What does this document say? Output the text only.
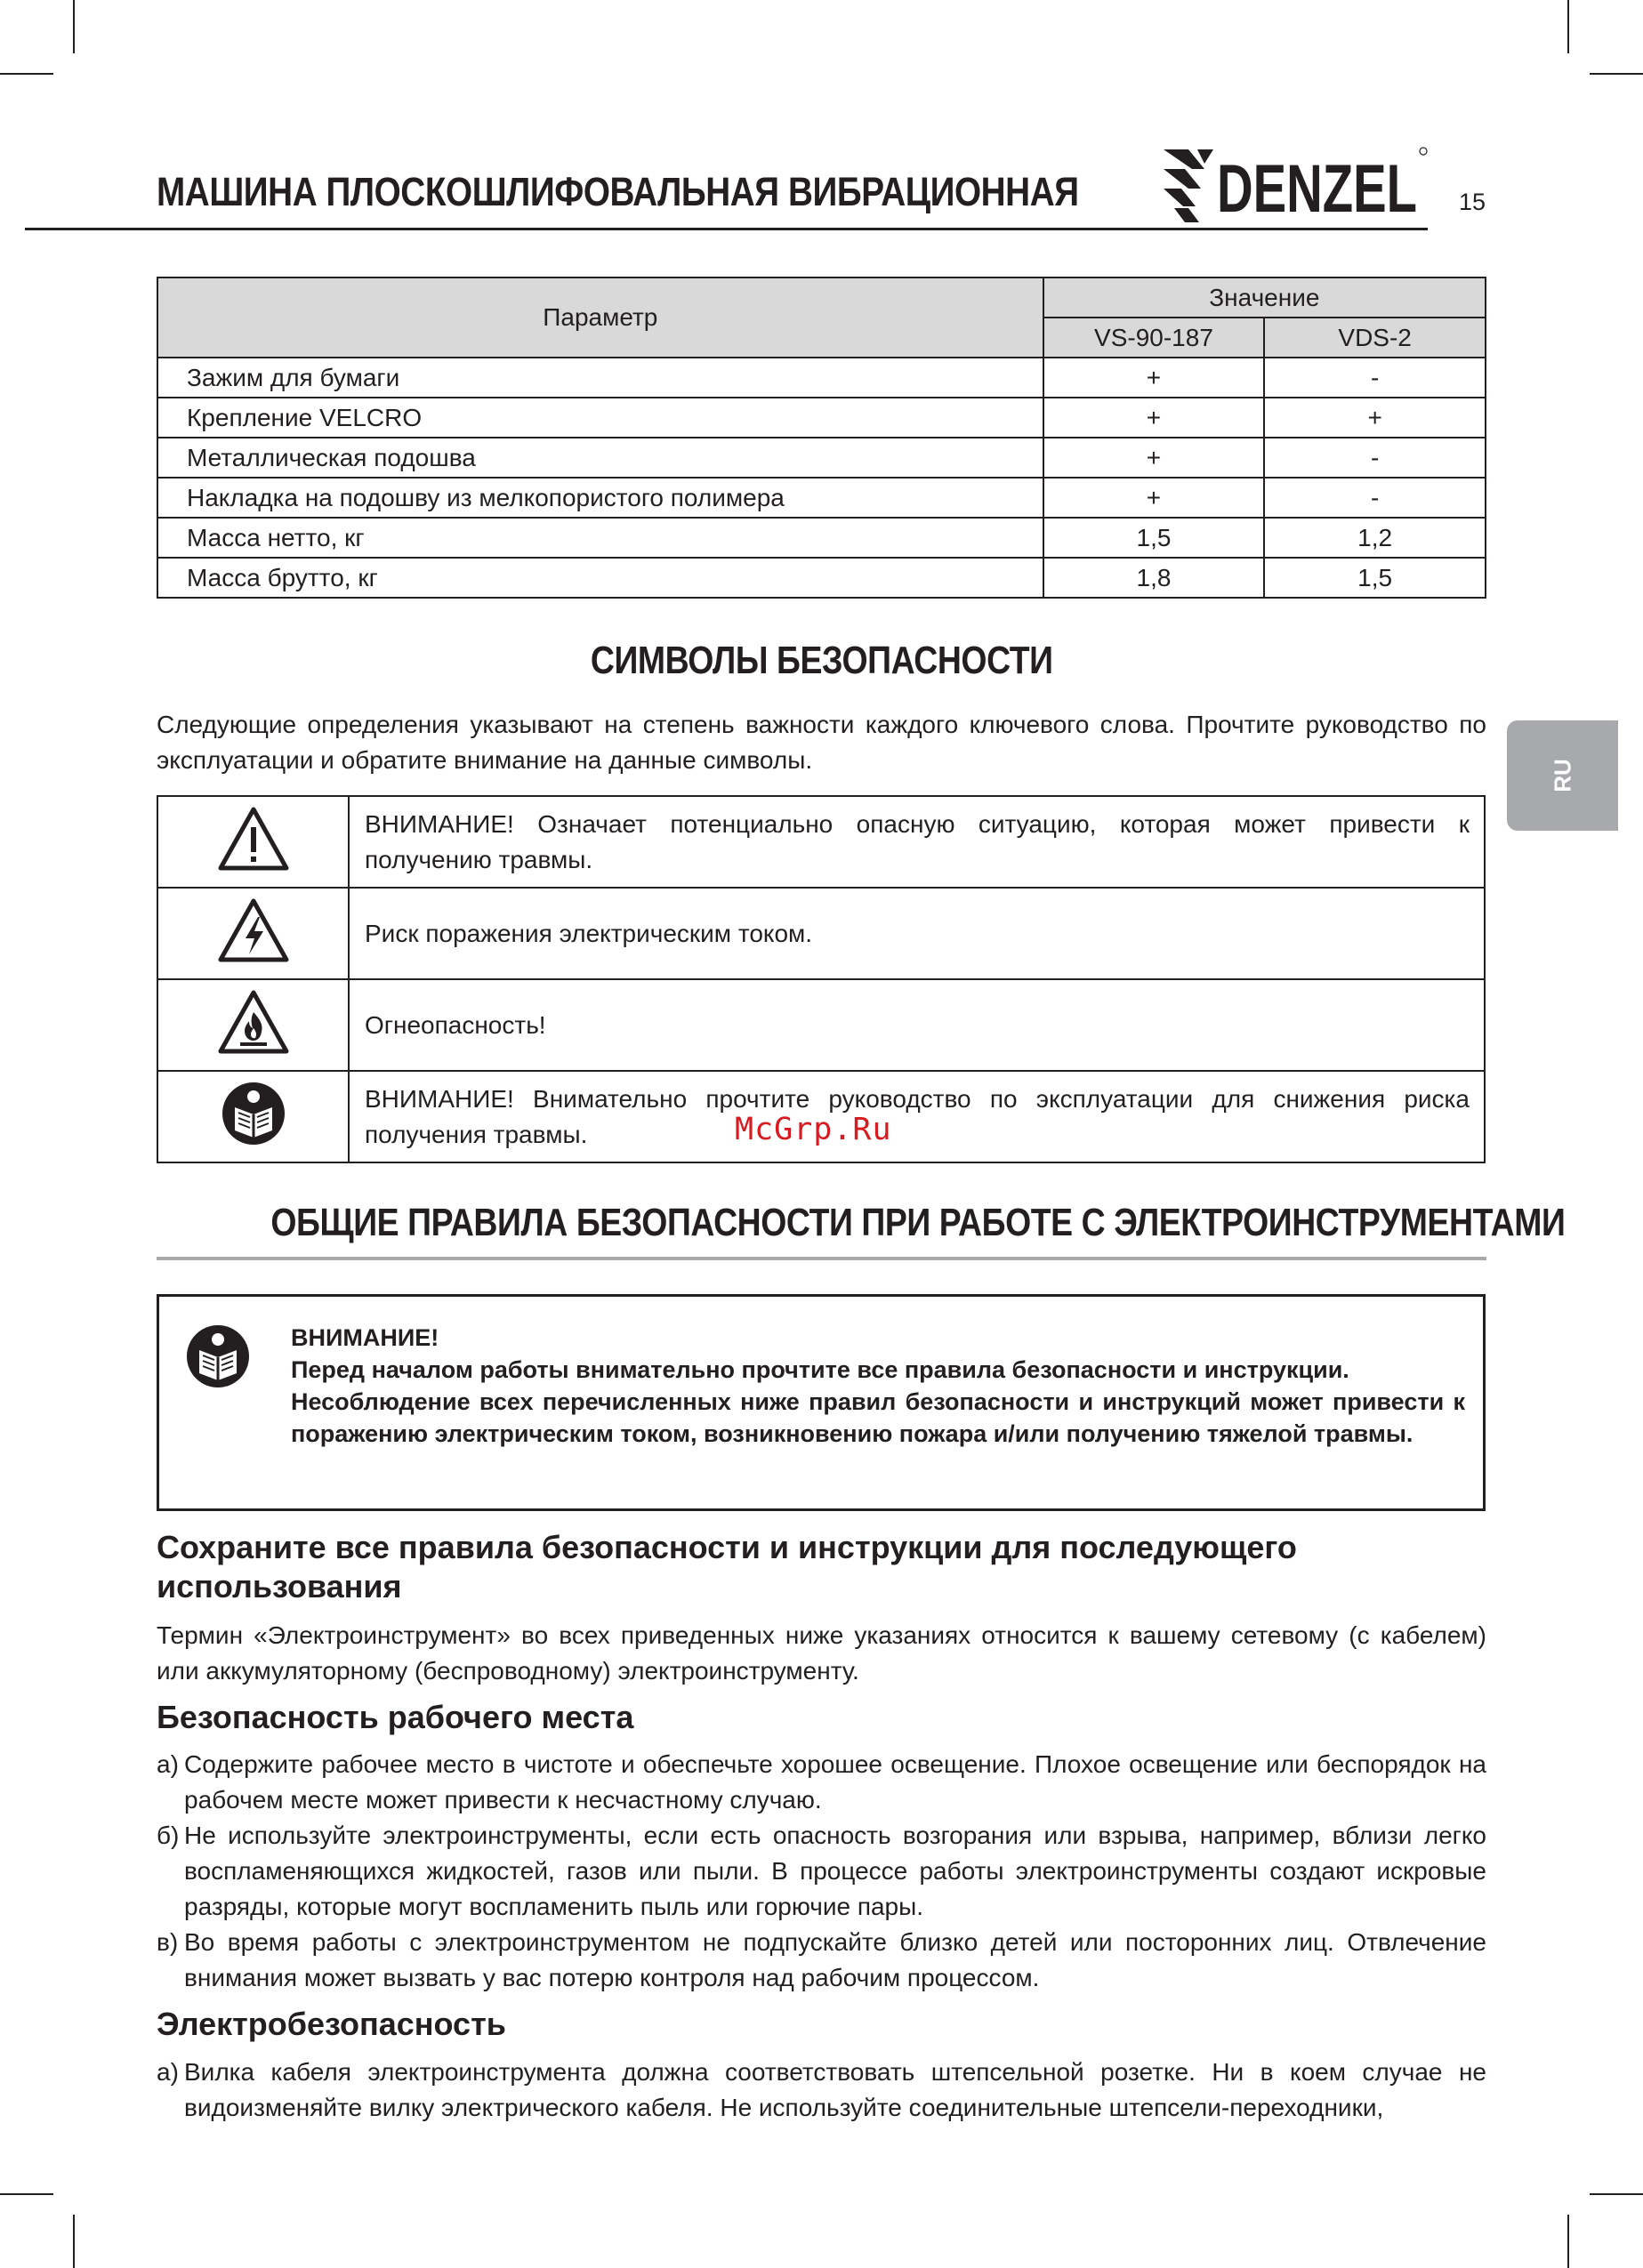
МАШИНА ПЛОСКОШЛИФОВАЛЬНАЯ ВИБРАЦИОННАЯ DENZEL 15
RU
Параметр	Значение	
	VS-90-187	VDS-2
Зажим для бумаги	+	-
Крепление VELCRO	+	+
Металлическая подошва	+	-
Накладка на подошву из мелкопористого полимера	+	-
Масса нетто, кг	1,5	1,2
Масса брутто, кг	1,8	1,5
СИМВОЛЫ БЕЗОПАСНОСТИ
Следующие определения указывают на степень важности каждого ключевого слова. Прочтите руководство по эксплуатации и обратите внимание на данные символы.
	ВНИМАНИЕ! Означает потенциально опасную ситуацию, которая может привести к получению травмы.
	Риск поражения электрическим током.
	Огнеопасность!
	ВНИМАНИЕ! Внимательно прочтите руководство по эксплуатации для снижения риска получения травмы.	McGrp.Ru
ОБЩИЕ ПРАВИЛА БЕЗОПАСНОСТИ ПРИ РАБОТЕ С ЭЛЕКТРОИНСТРУМЕНТАМИ
ВНИМАНИЕ!
Перед началом работы внимательно прочтите все правила безопасности и инструкции.
Несоблюдение всех перечисленных ниже правил безопасности и инструкций может привести к поражению электрическим током, возникновению пожара и/или получению тяжелой травмы.
Сохраните все правила безопасности и инструкции для последующего использования
Термин «Электроинструмент» во всех приведенных ниже указаниях относится к вашему сетевому (с кабелем) или аккумуляторному (беспроводному) электроинструменту.
Безопасность рабочего места
а) Содержите рабочее место в чистоте и обеспечьте хорошее освещение. Плохое освещение или беспорядок на рабочем месте может привести к несчастному случаю.
б) Не используйте электроинструменты, если есть опасность возгорания или взрыва, например, вблизи легко воспламеняющихся жидкостей, газов или пыли. В процессе работы электроинструменты создают искровые разряды, которые могут воспламенить пыль или горючие пары.
в) Во время работы с электроинструментом не подпускайте близко детей или посторонних лиц. Отвлечение внимания может вызвать у вас потерю контроля над рабочим процессом.
Электробезопасность
а) Вилка кабеля электроинструмента должна соответствовать штепсельной розетке. Ни в коем случае не видоизменяйте вилку электрического кабеля. Не используйте соединительные штепсели-переходники,
